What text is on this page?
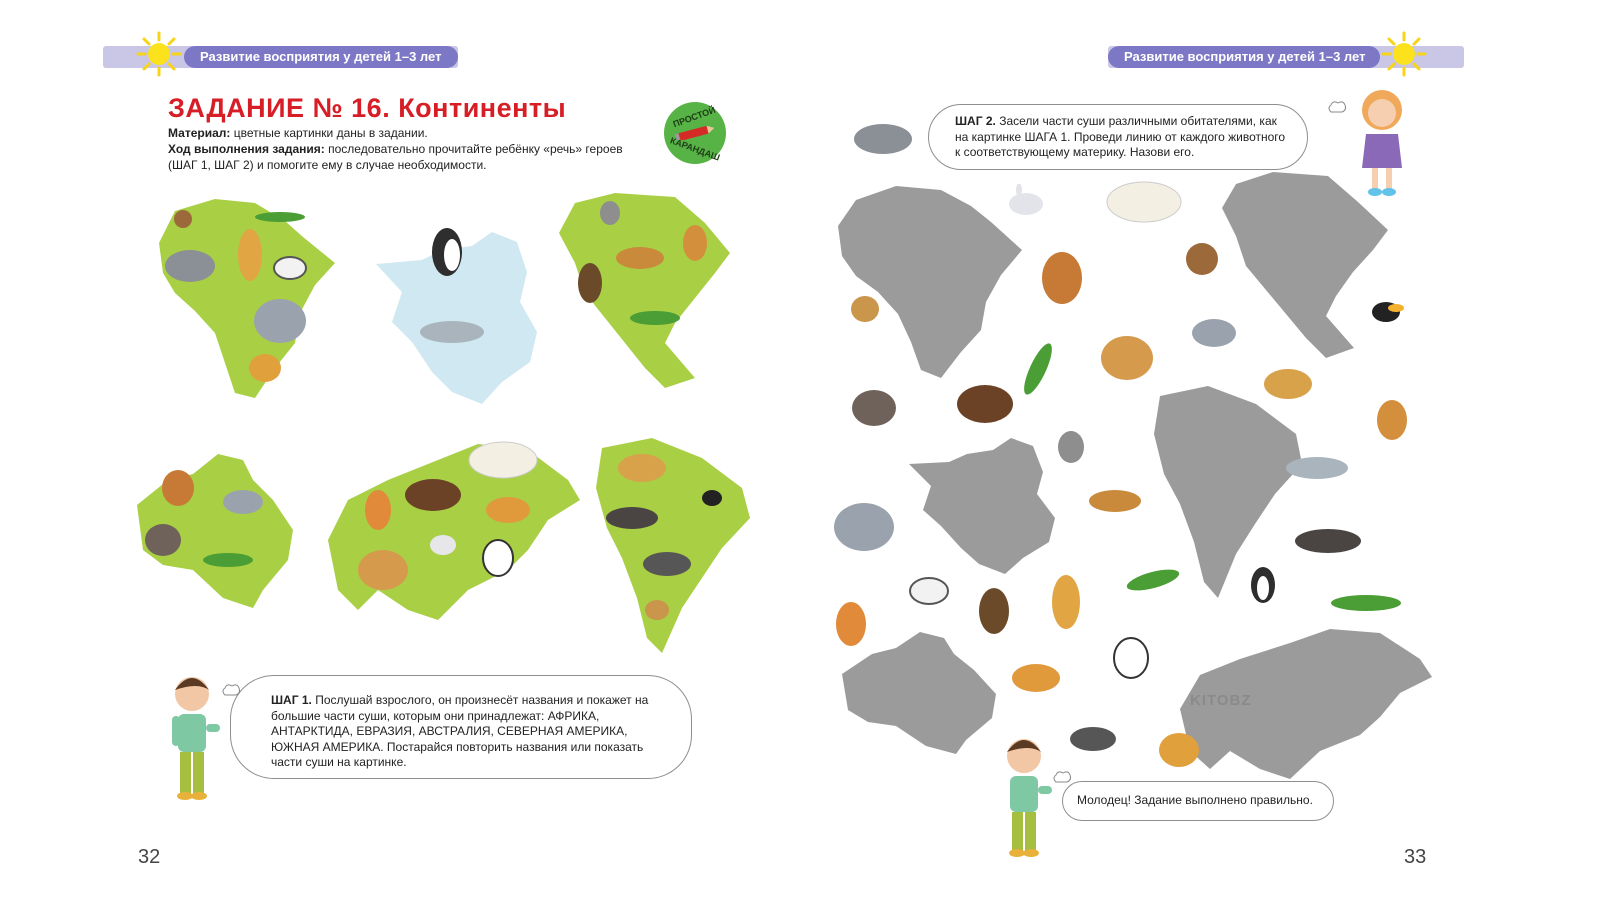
Развитие восприятия у детей 1–3 лет	Развитие восприятия у детей 1–3 лет
ЗАДАНИЕ № 16. Континенты
Материал: цветные картинки даны в задании.
Ход выполнения задания: последовательно прочитайте ребёнку «речь» героев (ШАГ 1, ШАГ 2) и помогите ему в случае необходимости.
ПРОСТОЙ
КАРАНДАШ
ШАГ 1. Послушай взрослого, он произнесёт названия и покажет на большие части суши, которым они принадлежат: АФРИКА, АНТАРКТИДА, ЕВРАЗИЯ, АВСТРАЛИЯ, СЕВЕРНАЯ АМЕРИКА, ЮЖНАЯ АМЕРИКА. Постарайся повторить названия или показать части суши на картинке.
32
ШАГ 2. Засели части суши различными обитателями, как на картинке ШАГА 1. Проведи линию от каждого животного к соответствующему материку. Назови его.
KITOBZ
Молодец! Задание выполнено правильно.
33
